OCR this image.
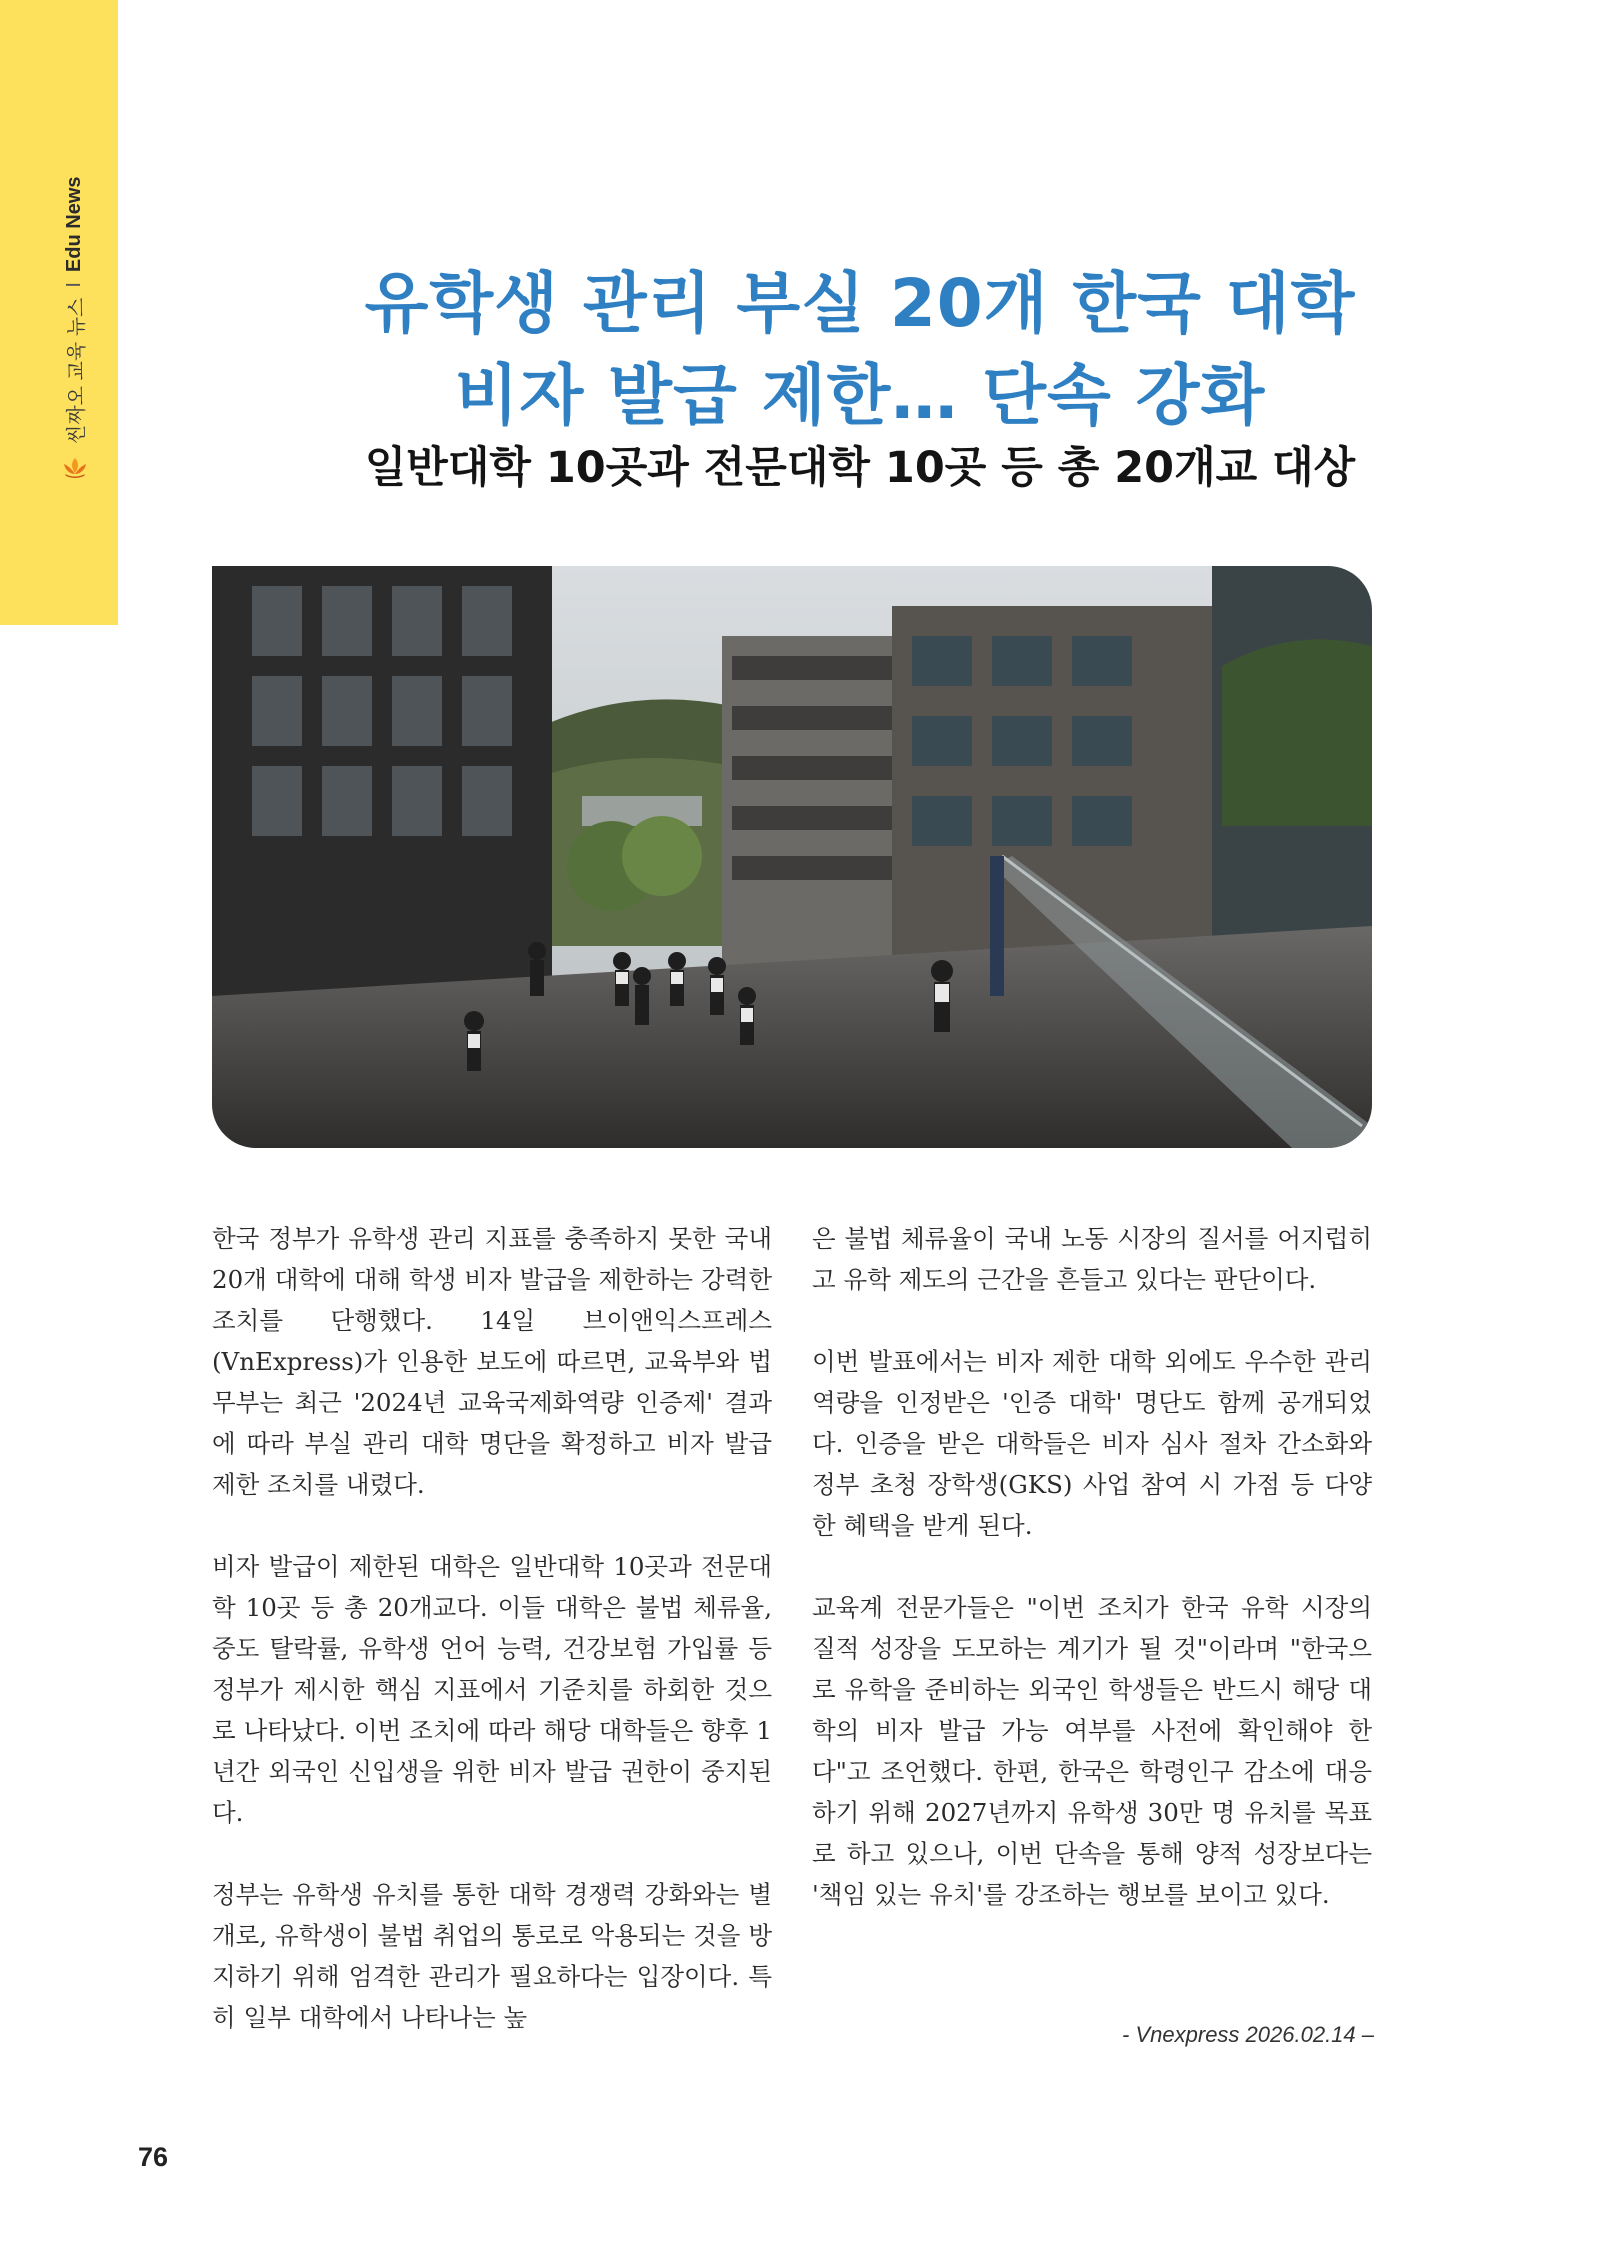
씬짜오 교육 뉴스
I
Edu News
유학생 관리 부실 20개 한국 대학
비자 발급 제한… 단속 강화
일반대학 10곳과 전문대학 10곳 등 총 20개교 대상

한국 정부가 유학생 관리 지표를 충족하지 못한 국내 20개 대학에 대해 학생 비자 발급을 제한하는 강력한 조치를 단행했다. 14일 브이앤익스프레스(VnExpress)가 인용한 보도에 따르면, 교육부와 법무부는 최근 '2024년 교육국제화역량 인증제' 결과에 따라 부실 관리 대학 명단을 확정하고 비자 발급 제한 조치를 내렸다.

비자 발급이 제한된 대학은 일반대학 10곳과 전문대학 10곳 등 총 20개교다. 이들 대학은 불법 체류율, 중도 탈락률, 유학생 언어 능력, 건강보험 가입률 등 정부가 제시한 핵심 지표에서 기준치를 하회한 것으로 나타났다. 이번 조치에 따라 해당 대학들은 향후 1년간 외국인 신입생을 위한 비자 발급 권한이 중지된다.

정부는 유학생 유치를 통한 대학 경쟁력 강화와는 별개로, 유학생이 불법 취업의 통로로 악용되는 것을 방지하기 위해 엄격한 관리가 필요하다는 입장이다. 특히 일부 대학에서 나타나는 높

은 불법 체류율이 국내 노동 시장의 질서를 어지럽히고 유학 제도의 근간을 흔들고 있다는 판단이다.

이번 발표에서는 비자 제한 대학 외에도 우수한 관리 역량을 인정받은 '인증 대학' 명단도 함께 공개되었다. 인증을 받은 대학들은 비자 심사 절차 간소화와 정부 초청 장학생(GKS) 사업 참여 시 가점 등 다양한 혜택을 받게 된다.

교육계 전문가들은 "이번 조치가 한국 유학 시장의 질적 성장을 도모하는 계기가 될 것"이라며 "한국으로 유학을 준비하는 외국인 학생들은 반드시 해당 대학의 비자 발급 가능 여부를 사전에 확인해야 한다"고 조언했다. 한편, 한국은 학령인구 감소에 대응하기 위해 2027년까지 유학생 30만 명 유치를 목표로 하고 있으나, 이번 단속을 통해 양적 성장보다는 '책임 있는 유치'를 강조하는 행보를 보이고 있다.

- Vnexpress 2026.02.14 –
76
